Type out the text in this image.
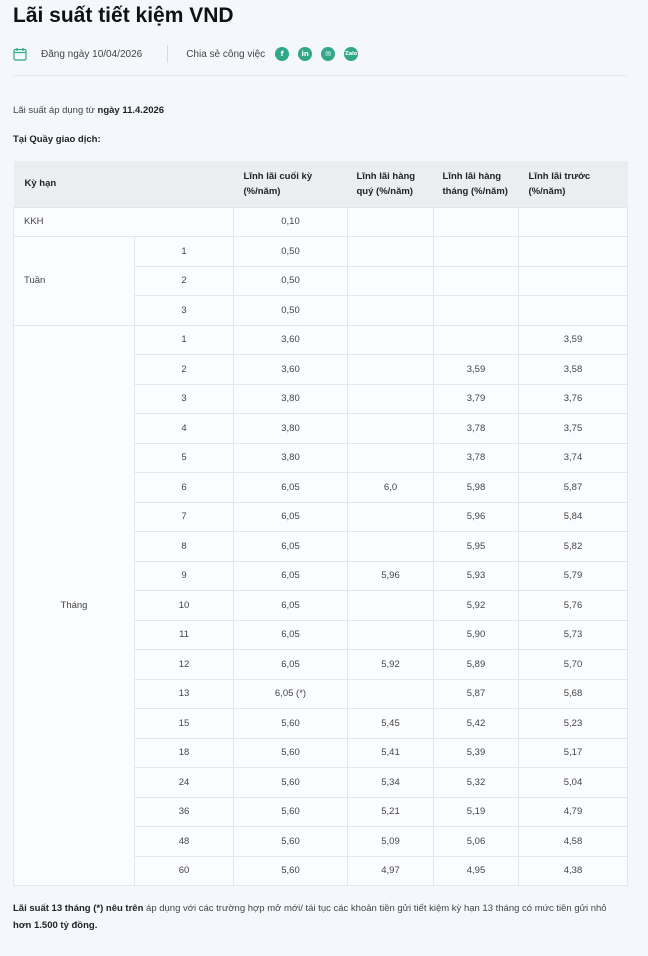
Lãi suất tiết kiệm VND
Đăng ngày 10/04/2026	Chia sẻ công việc	f	in	✉	Zalo
Lãi suất áp dụng từ ngày 11.4.2026
Tại Quầy giao dịch:
Kỳ hạn		Lĩnh lãi cuối kỳ (%/năm)	Lĩnh lãi hàng quý (%/năm)	Lĩnh lãi hàng tháng (%/năm)	Lĩnh lãi trước (%/năm)
KKH		0,10			
Tuần	1	0,50			
	2	0,50			
	3	0,50			
Tháng	1	3,60			3,59
	2	3,60		3,59	3,58
	3	3,80		3,79	3,76
	4	3,80		3,78	3,75
	5	3,80		3,78	3,74
	6	6,05	6,0	5,98	5,87
	7	6,05		5,96	5,84
	8	6,05		5,95	5,82
	9	6,05	5,96	5,93	5,79
	10	6,05		5,92	5,76
	11	6,05		5,90	5,73
	12	6,05	5,92	5,89	5,70
	13	6,05 (*)		5,87	5,68
	15	5,60	5,45	5,42	5,23
	18	5,60	5,41	5,39	5,17
	24	5,60	5,34	5,32	5,04
	36	5,60	5,21	5,19	4,79
	48	5,60	5,09	5,06	4,58
	60	5,60	4,97	4,95	4,38
Lãi suất 13 tháng (*) nêu trên áp dụng với các trường hợp mở mới/ tái tục các khoản tiền gửi tiết kiệm kỳ hạn 13 tháng có mức tiền gửi nhỏ hơn 1.500 tỷ đồng.
